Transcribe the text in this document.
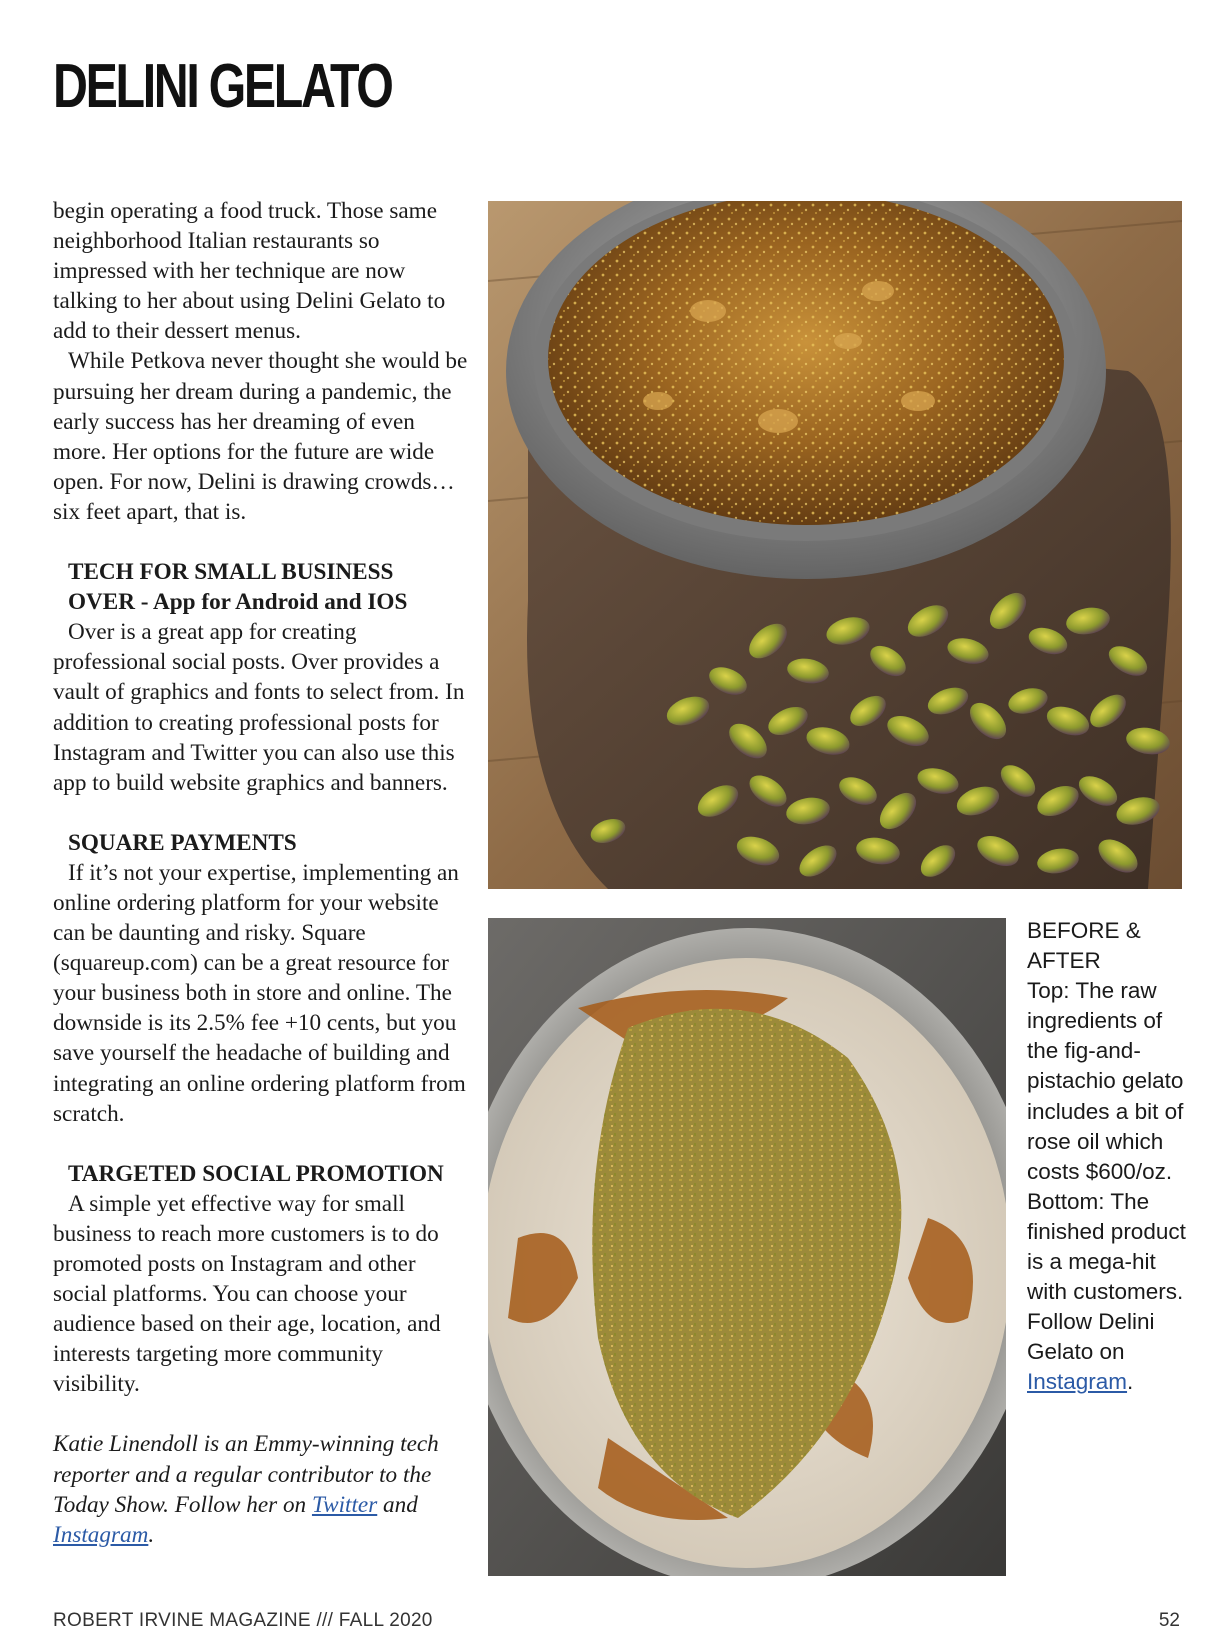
DELINI GELATO

begin operating a food truck. Those same neighborhood Italian restaurants so impressed with her technique are now talking to her about using Delini Gelato to add to their dessert menus.

While Petkova never thought she would be pursuing her dream during a pandemic, the early success has her dreaming of even more. Her options for the future are wide open. For now, Delini is drawing crowds… six feet apart, that is.

TECH FOR SMALL BUSINESS

OVER - App for Android and IOS

Over is a great app for creating professional social posts. Over provides a vault of graphics and fonts to select from. In addition to creating professional posts for Instagram and Twitter you can also use this app to build website graphics and banners.

SQUARE PAYMENTS

If it’s not your expertise, implementing an online ordering platform for your website can be daunting and risky. Square (squareup.com) can be a great resource for your business both in store and online. The downside is its 2.5% fee +10 cents, but you save yourself the headache of building and integrating an online ordering platform from scratch.

TARGETED SOCIAL PROMOTION

A simple yet effective way for small business to reach more customers is to do promoted posts on Instagram and other social platforms. You can choose your audience based on their age, location, and interests targeting more community visibility.

Katie Linendoll is an Emmy-winning tech reporter and a regular contributor to the Today Show. Follow her on Twitter and Instagram.

BEFORE & AFTER

Top: The raw ingredients of the fig-and-pistachio gelato includes a bit of rose oil which costs $600/oz. Bottom: The finished product is a mega-hit with customers. Follow Delini Gelato on Instagram.

ROBERT IRVINE MAGAZINE /// FALL 2020	52
